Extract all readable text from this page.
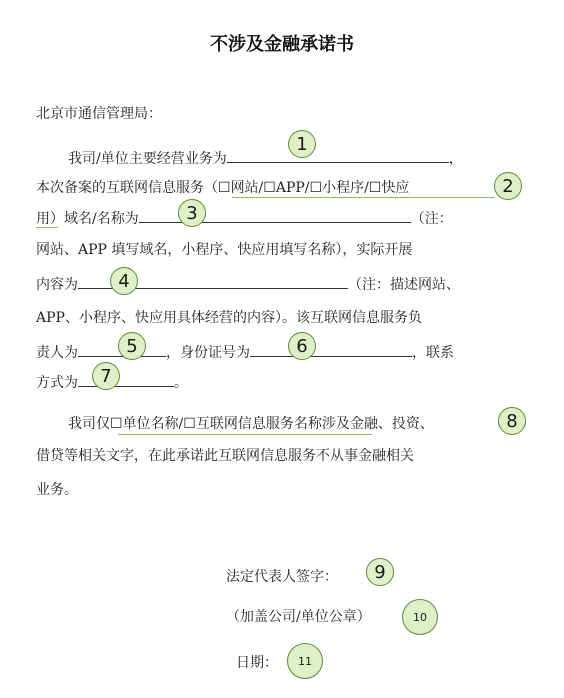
不涉及金融承诺书
北京市通信管理局：
我司/单位主要经营业务为	，
1
本次备案的互联网信息服务（☐网站/☐APP/☐小程序/☐快应	2
用）域名/名称为	（注：
3
网站、APP 填写域名，小程序、快应用填写名称），实际开展
内容为	（注：描述网站、
4
APP、小程序、快应用具体经营的内容）。该互联网信息服务负
责人为	，身份证号为	，联系
5	6
方式为	。
7
我司仅☐单位名称/☐互联网信息服务名称涉及金融、投资、	8
借贷等相关文字，在此承诺此互联网信息服务不从事金融相关
业务。
法定代表人签字：	9
（加盖公司/单位公章）	10
日期：	11
